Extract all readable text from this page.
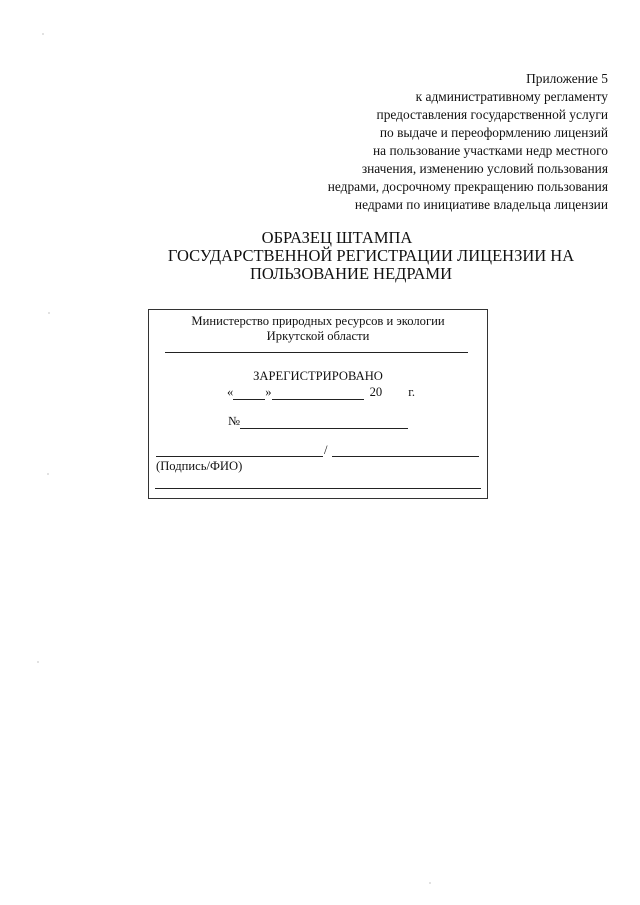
Приложение 5
к административному регламенту
предоставления государственной услуги
по выдаче и переоформлению лицензий
на пользование участками недр местного
значения, изменению условий пользования
недрами, досрочному прекращению пользования
недрами по инициативе владельца лицензии
ОБРАЗЕЦ ШТАМПА
ГОСУДАРСТВЕННОЙ РЕГИСТРАЦИИ ЛИЦЕНЗИИ НА
ПОЛЬЗОВАНИЕ НЕДРАМИ
Министерство природных ресурсов и экологии
Иркутской области
ЗАРЕГИСТРИРОВАНО
«	»	20 г.
№
/
(Подпись/ФИО)
